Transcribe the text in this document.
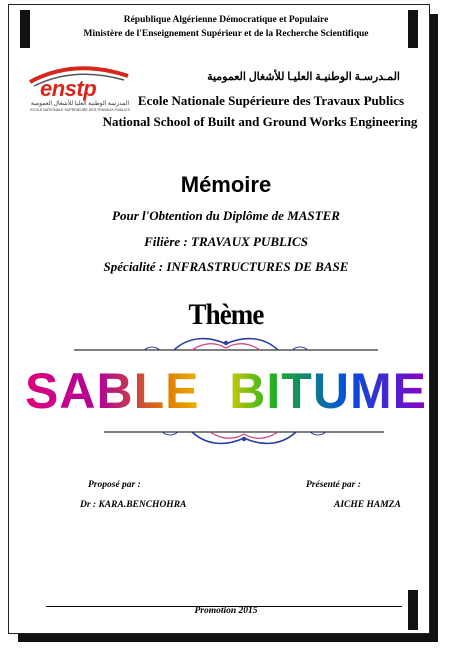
République Algérienne Démocratique et Populaire
Ministère de l'Enseignement Supérieur et de la Recherche Scientifique
enstp
المدرسة الوطنية العليا للأشغال العمومية
ECOLE NATIONALE SUPERIEURE DES TRAVAUX PUBLICS
المـدرسـة الوطنيـة العليـا للأشغال العمومية
Ecole Nationale Supérieure des Travaux Publics
National School of Built and Ground Works Engineering
Mémoire
Pour l'Obtention du Diplôme de MASTER
Filière : TRAVAUX PUBLICS
Spécialité : INFRASTRUCTURES DE BASE
Thème
SABLE  BITUME
Proposé par :
Dr : KARA.BENCHOHRA
Présenté par :
AICHE HAMZA
Promotion 2015
